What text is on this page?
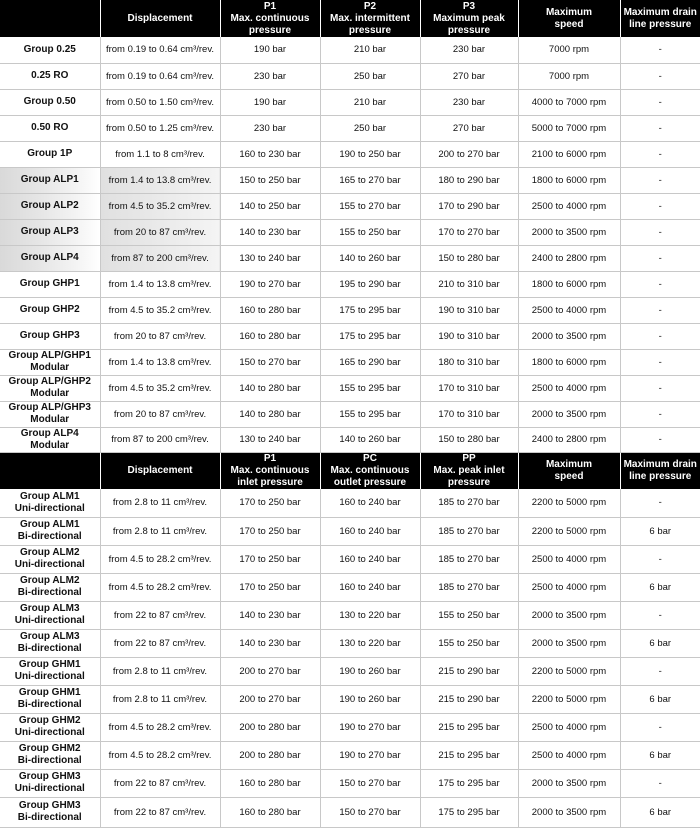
	Displacement	P1
Max. continuous
pressure	P2
Max. intermittent
pressure	P3
Maximum peak
pressure	Maximum
speed	Maximum drain
line pressure

Group 0.25	from 0.19 to 0.64 cm³/rev.	190 bar	210 bar	230 bar	7000 rpm	-

0.25 RO	from 0.19 to 0.64 cm³/rev.	230 bar	250 bar	270 bar	7000 rpm	-

Group 0.50	from 0.50 to 1.50 cm³/rev.	190 bar	210 bar	230 bar	4000 to 7000 rpm	-

0.50 RO	from 0.50 to 1.25 cm³/rev.	230 bar	250 bar	270 bar	5000 to 7000 rpm	-

Group 1P	from 1.1 to 8 cm³/rev.	160 to 230 bar	190 to 250 bar	200 to 270 bar	2100 to 6000 rpm	-

Group ALP1	from 1.4 to 13.8 cm³/rev.	150 to 250 bar	165 to 270 bar	180 to 290 bar	1800 to 6000 rpm	-

Group ALP2	from 4.5 to 35.2 cm³/rev.	140 to 250 bar	155 to 270 bar	170 to 290 bar	2500 to 4000 rpm	-

Group ALP3	from 20 to 87 cm³/rev.	140 to 230 bar	155 to 250 bar	170 to 270 bar	2000 to 3500 rpm	-

Group ALP4	from 87 to 200 cm³/rev.	130 to 240 bar	140 to 260 bar	150 to 280 bar	2400 to 2800 rpm	-

Group GHP1	from 1.4 to 13.8 cm³/rev.	190 to 270 bar	195 to 290 bar	210 to 310 bar	1800 to 6000 rpm	-

Group GHP2	from 4.5 to 35.2 cm³/rev.	160 to 280 bar	175 to 295 bar	190 to 310 bar	2500 to 4000 rpm	-

Group GHP3	from 20 to 87 cm³/rev.	160 to 280 bar	175 to 295 bar	190 to 310 bar	2000 to 3500 rpm	-

Group ALP/GHP1
Modular	from 1.4 to 13.8 cm³/rev.	150 to 270 bar	165 to 290 bar	180 to 310 bar	1800 to 6000 rpm	-

Group ALP/GHP2
Modular	from 4.5 to 35.2 cm³/rev.	140 to 280 bar	155 to 295 bar	170 to 310 bar	2500 to 4000 rpm	-

Group ALP/GHP3
Modular	from 20 to 87 cm³/rev.	140 to 280 bar	155 to 295 bar	170 to 310 bar	2000 to 3500 rpm	-

Group ALP4
Modular	from 87 to 200 cm³/rev.	130 to 240 bar	140 to 260 bar	150 to 280 bar	2400 to 2800 rpm	-
	Displacement	P1
Max. continuous
inlet pressure	PC
Max. continuous
outlet pressure	PP
Max. peak inlet
pressure	Maximum
speed	Maximum drain
line pressure

Group ALM1
Uni-directional	from 2.8 to 11 cm³/rev.	170 to 250 bar	160 to 240 bar	185 to 270 bar	2200 to 5000 rpm	-

Group ALM1
Bi-directional	from 2.8 to 11 cm³/rev.	170 to 250 bar	160 to 240 bar	185 to 270 bar	2200 to 5000 rpm	6 bar

Group ALM2
Uni-directional	from 4.5 to 28.2 cm³/rev.	170 to 250 bar	160 to 240 bar	185 to 270 bar	2500 to 4000 rpm	-

Group ALM2
Bi-directional	from 4.5 to 28.2 cm³/rev.	170 to 250 bar	160 to 240 bar	185 to 270 bar	2500 to 4000 rpm	6 bar

Group ALM3
Uni-directional	from 22 to 87 cm³/rev.	140 to 230 bar	130 to 220 bar	155 to 250 bar	2000 to 3500 rpm	-

Group ALM3
Bi-directional	from 22 to 87 cm³/rev.	140 to 230 bar	130 to 220 bar	155 to 250 bar	2000 to 3500 rpm	6 bar

Group GHM1
Uni-directional	from 2.8 to 11 cm³/rev.	200 to 270 bar	190 to 260 bar	215 to 290 bar	2200 to 5000 rpm	-

Group GHM1
Bi-directional	from 2.8 to 11 cm³/rev.	200 to 270 bar	190 to 260 bar	215 to 290 bar	2200 to 5000 rpm	6 bar

Group GHM2
Uni-directional	from 4.5 to 28.2 cm³/rev.	200 to 280 bar	190 to 270 bar	215 to 295 bar	2500 to 4000 rpm	-

Group GHM2
Bi-directional	from 4.5 to 28.2 cm³/rev.	200 to 280 bar	190 to 270 bar	215 to 295 bar	2500 to 4000 rpm	6 bar

Group GHM3
Uni-directional	from 22 to 87 cm³/rev.	160 to 280 bar	150 to 270 bar	175 to 295 bar	2000 to 3500 rpm	-

Group GHM3
Bi-directional	from 22 to 87 cm³/rev.	160 to 280 bar	150 to 270 bar	175 to 295 bar	2000 to 3500 rpm	6 bar
